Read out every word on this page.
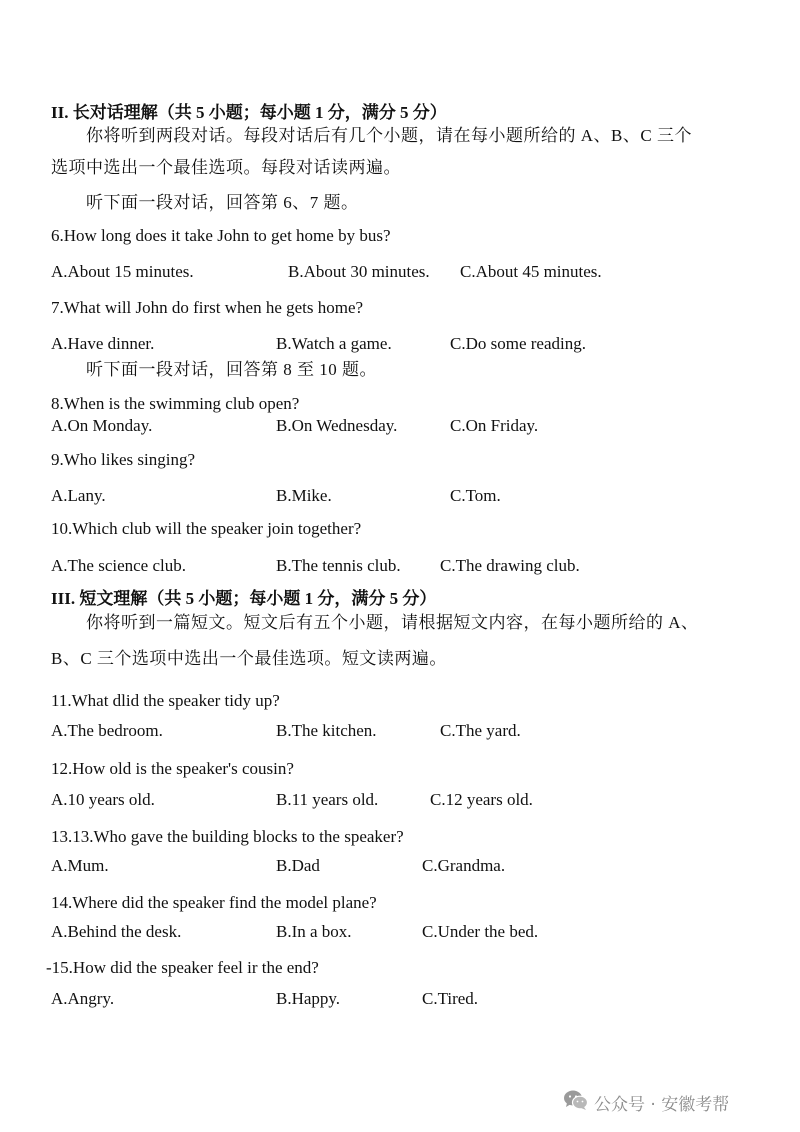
II. 长对话理解（共 5 小题；每小题 1 分，满分 5 分）
你将听到两段对话。每段对话后有几个小题，请在每小题所给的 A、B、C 三个
选项中选出一个最佳选项。每段对话读两遍。
听下面一段对话，回答第 6、7 题。
6.How long does it take John to get home by bus?
A.About 15 minutes.	B.About 30 minutes. C.About 45 minutes.
7.What will John do first when he gets home?
A.Have dinner.	B.Watch a game.	C.Do some reading.
听下面一段对话，回答第 8 至 10 题。
8.When is the swimming club open?
A.On Monday.	B.On Wednesday.	C.On Friday.
9.Who likes singing?
A.Lany.	B.Mike.	C.Tom.
10.Which club will the speaker join together?
A.The science club.	B.The tennis club. C.The drawing club.
III. 短文理解（共 5 小题；每小题 1 分，满分 5 分）
你将听到一篇短文。短文后有五个小题，请根据短文内容，在每小题所给的 A、
B、C 三个选项中选出一个最佳选项。短文读两遍。
11.What dlid the speaker tidy up?
A.The bedroom.	B.The kitchen.	C.The yard.
12.How old is the speaker's cousin?
A.10 years old.	B.11 years old.	C.12 years old.
13.13.Who gave the building blocks to the speaker?
A.Mum.	B.Dad	C.Grandma.
14.Where did the speaker find the model plane?
A.Behind the desk.	B.In a box.	C.Under the bed.
-15.How did the speaker feel ir the end?
A.Angry.	B.Happy.	C.Tired.
公众号 · 安徽考帮
